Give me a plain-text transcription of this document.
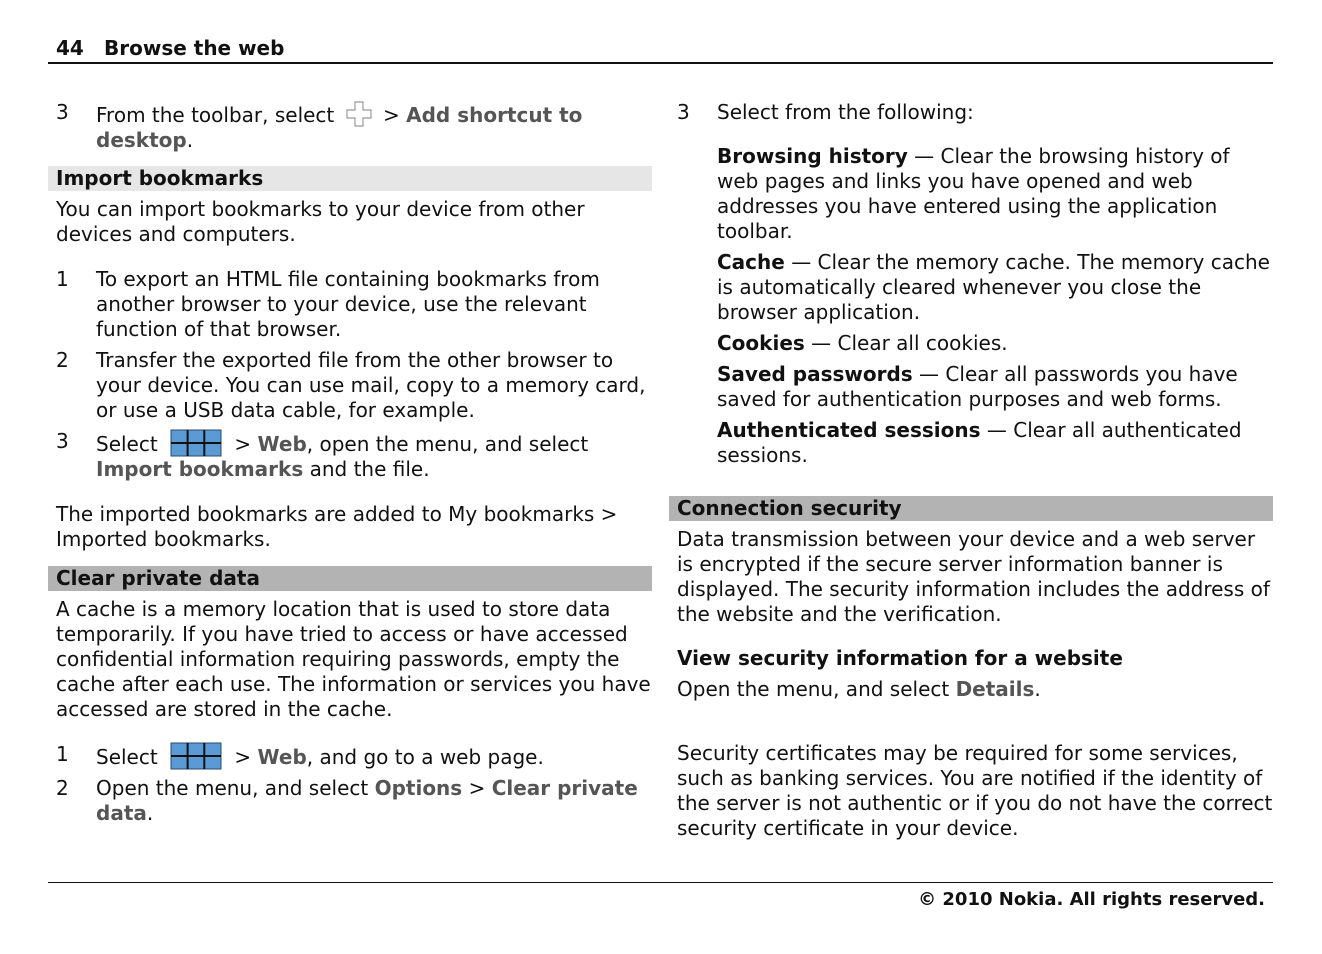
44 Browse the web
3	From the toolbar, select > Add shortcut to desktop.
Import bookmarks
You can import bookmarks to your device from other devices and computers.
1	To export an HTML file containing bookmarks from another browser to your device, use the relevant function of that browser.
2	Transfer the exported file from the other browser to your device. You can use mail, copy to a memory card, or use a USB data cable, for example.
3	Select	> Web, open the menu, and select Import bookmarks and the file.
The imported bookmarks are added to My bookmarks > Imported bookmarks.
Clear private data
A cache is a memory location that is used to store data temporarily. If you have tried to access or have accessed confidential information requiring passwords, empty the cache after each use. The information or services you have accessed are stored in the cache.
1	Select	> Web, and go to a web page.
2	Open the menu, and select Options > Clear private data.
3	Select from the following:
Browsing history — Clear the browsing history of web pages and links you have opened and web addresses you have entered using the application toolbar.
Cache — Clear the memory cache. The memory cache is automatically cleared whenever you close the browser application.
Cookies — Clear all cookies.
Saved passwords — Clear all passwords you have saved for authentication purposes and web forms.
Authenticated sessions — Clear all authenticated sessions.
Connection security
Data transmission between your device and a web server is encrypted if the secure server information banner is displayed. The security information includes the address of the website and the verification.
View security information for a website
Open the menu, and select Details.
Security certificates may be required for some services, such as banking services. You are notified if the identity of the server is not authentic or if you do not have the correct security certificate in your device.
© 2010 Nokia. All rights reserved.
